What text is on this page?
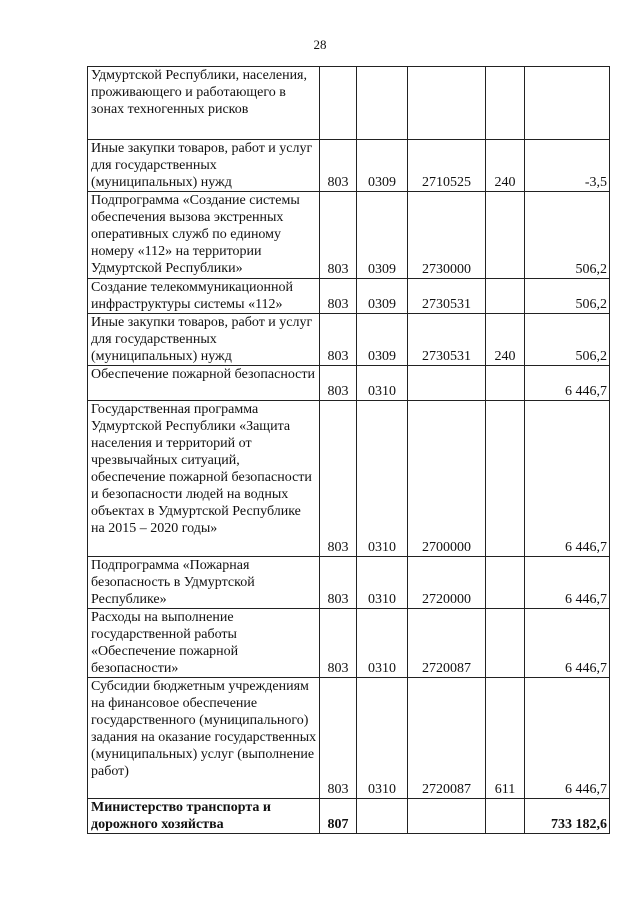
28
Удмуртской Республики, населения, проживающего и работающего в зонах техногенных рисков					
Иные закупки товаров, работ и услуг для государственных (муниципальных) нужд	803	0309	2710525	240	-3,5
Подпрограмма «Создание системы обеспечения вызова экстренных оперативных служб по единому номеру «112» на территории Удмуртской Республики»	803	0309	2730000		506,2
Создание телекоммуникационной инфраструктуры системы «112»	803	0309	2730531		506,2
Иные закупки товаров, работ и услуг для государственных (муниципальных) нужд	803	0309	2730531	240	506,2
Обеспечение пожарной безопасности	803	0310			6 446,7
Государственная программа Удмуртской Республики «Защита населения и территорий от чрезвычайных ситуаций, обеспечение пожарной безопасности и безопасности людей на водных объектах в Удмуртской Республике на 2015 – 2020 годы»	803	0310	2700000		6 446,7
Подпрограмма «Пожарная безопасность в Удмуртской Республике»	803	0310	2720000		6 446,7
Расходы на выполнение государственной работы «Обеспечение пожарной безопасности»	803	0310	2720087		6 446,7
Субсидии бюджетным учреждениям на финансовое обеспечение государственного (муниципального) задания на оказание государственных (муниципальных) услуг (выполнение работ)	803	0310	2720087	611	6 446,7
Министерство транспорта и дорожного хозяйства	807				733 182,6
